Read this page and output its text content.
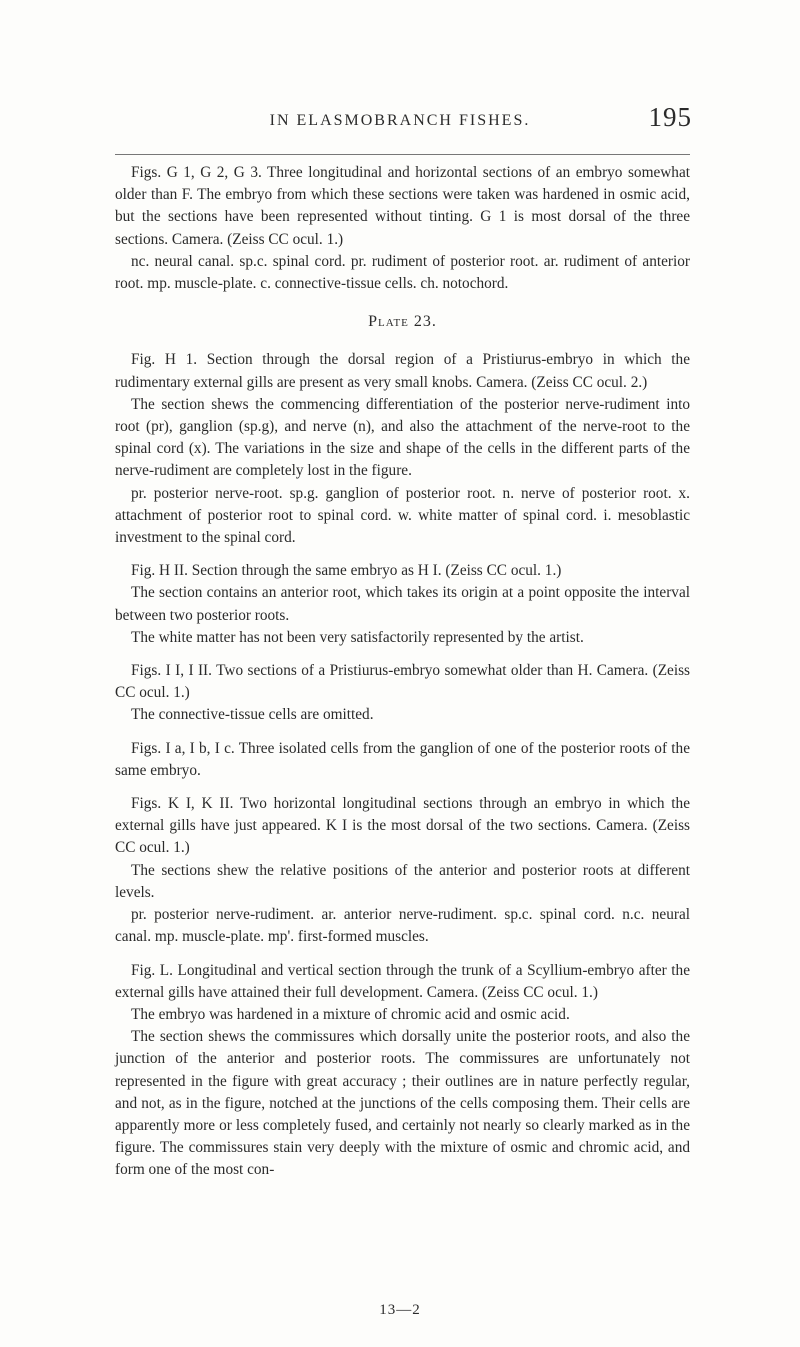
IN ELASMOBRANCH FISHES.	195

Figs. G 1, G 2, G 3. Three longitudinal and horizontal sections of an embryo somewhat older than F. The embryo from which these sections were taken was hardened in osmic acid, but the sections have been represented without tinting. G 1 is most dorsal of the three sections. Camera. (Zeiss CC ocul. 1.)

nc. neural canal. sp.c. spinal cord. pr. rudiment of posterior root. ar. rudiment of anterior root. mp. muscle-plate. c. connective-tissue cells. ch. notochord.

Plate 23.

Fig. H 1. Section through the dorsal region of a Pristiurus-embryo in which the rudimentary external gills are present as very small knobs. Camera. (Zeiss CC ocul. 2.)

The section shews the commencing differentiation of the posterior nerve-rudiment into root (pr), ganglion (sp.g), and nerve (n), and also the attachment of the nerve-root to the spinal cord (x). The variations in the size and shape of the cells in the different parts of the nerve-rudiment are completely lost in the figure.

pr. posterior nerve-root. sp.g. ganglion of posterior root. n. nerve of posterior root. x. attachment of posterior root to spinal cord. w. white matter of spinal cord. i. mesoblastic investment to the spinal cord.

Fig. H II. Section through the same embryo as H I. (Zeiss CC ocul. 1.)

The section contains an anterior root, which takes its origin at a point opposite the interval between two posterior roots.

The white matter has not been very satisfactorily represented by the artist.

Figs. I I, I II. Two sections of a Pristiurus-embryo somewhat older than H. Camera. (Zeiss CC ocul. 1.)

The connective-tissue cells are omitted.

Figs. I a, I b, I c. Three isolated cells from the ganglion of one of the posterior roots of the same embryo.

Figs. K I, K II. Two horizontal longitudinal sections through an embryo in which the external gills have just appeared. K I is the most dorsal of the two sections. Camera. (Zeiss CC ocul. 1.)

The sections shew the relative positions of the anterior and posterior roots at different levels.

pr. posterior nerve-rudiment. ar. anterior nerve-rudiment. sp.c. spinal cord. n.c. neural canal. mp. muscle-plate. mp'. first-formed muscles.

Fig. L. Longitudinal and vertical section through the trunk of a Scyllium-embryo after the external gills have attained their full development. Camera. (Zeiss CC ocul. 1.)

The embryo was hardened in a mixture of chromic acid and osmic acid.

The section shews the commissures which dorsally unite the posterior roots, and also the junction of the anterior and posterior roots. The commissures are unfortunately not represented in the figure with great accuracy ; their outlines are in nature perfectly regular, and not, as in the figure, notched at the junctions of the cells composing them. Their cells are apparently more or less completely fused, and certainly not nearly so clearly marked as in the figure. The commissures stain very deeply with the mixture of osmic and chromic acid, and form one of the most con-

13—2
